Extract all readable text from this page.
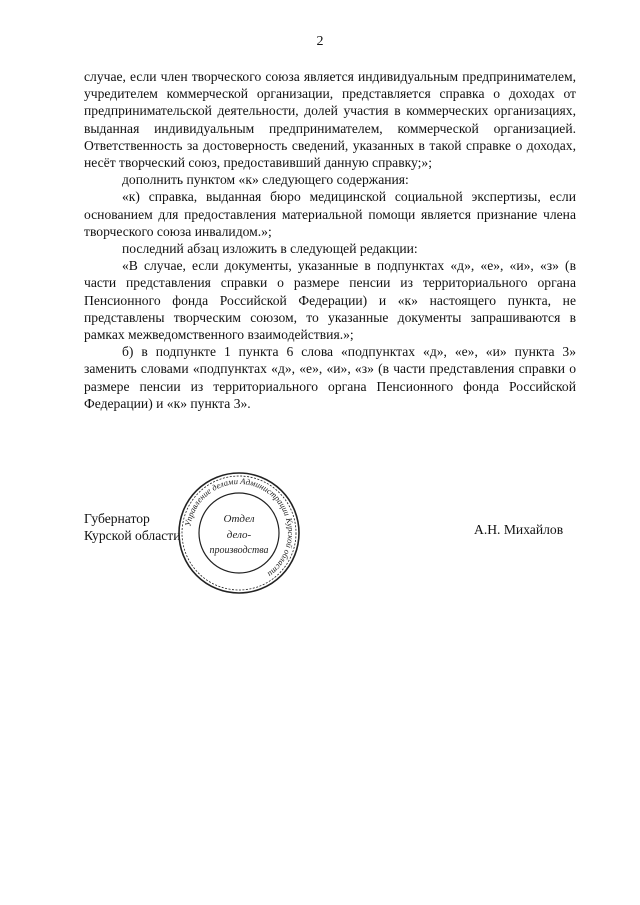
2

случае, если член творческого союза является индивидуальным предпринимателем, учредителем коммерческой организации, представляется справка о доходах от предпринимательской деятельности, долей участия в коммерческих организациях, выданная индивидуальным предпринимателем, коммерческой организацией. Ответственность за достоверность сведений, указанных в такой справке о доходах, несёт творческий союз, предоставивший данную справку;»;

дополнить пунктом «к» следующего содержания:

«к) справка, выданная бюро медицинской социальной экспертизы, если основанием для предоставления материальной помощи является признание члена творческого союза инвалидом.»;

последний абзац изложить в следующей редакции:

«В случае, если документы, указанные в подпунктах «д», «е», «и», «з» (в части представления справки о размере пенсии из территориального органа Пенсионного фонда Российской Федерации) и «к» настоящего пункта, не представлены творческим союзом, то указанные документы запрашиваются в рамках межведомственного взаимодействия.»;

б) в подпункте 1 пункта 6 слова «подпунктах «д», «е», «и» пункта 3» заменить словами «подпунктах «д», «е», «и», «з» (в части представления справки о размере пенсии из территориального органа Пенсионного фонда Российской Федерации) и «к» пункта 3».

Губернатор
Курской области
Управление делами Администрации Курской области
Отдел
дело-
производства
А.Н. Михайлов
